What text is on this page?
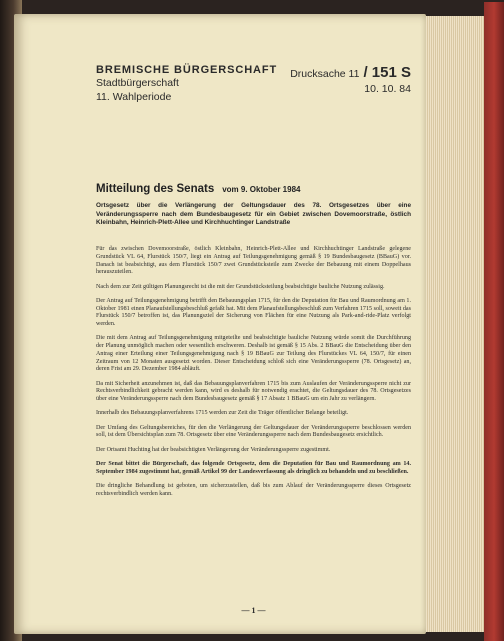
BREMISCHE BÜRGERSCHAFT
Stadtbürgerschaft
11. Wahlperiode
Drucksache 11 / 151 S
10. 10. 84
Mitteilung des Senats vom 9. Oktober 1984
Ortsgesetz über die Verlängerung der Geltungsdauer des 78. Ortsgesetzes über eine Veränderungssperre nach dem Bundesbaugesetz für ein Gebiet zwischen Dovemoorstraße, östlich Kleinbahn, Heinrich-Plett-Allee und Kirchhuchtinger Landstraße

Für das zwischen Dovemoorstraße, östlich Kleinbahn, Heinrich-Plett-Allee und Kirchhuchtinger Landstraße gelegene Grundstück VL 64, Flurstück 150/7, liegt ein Antrag auf Teilungsgenehmigung gemäß § 19 Bundesbaugesetz (BBauG) vor. Danach ist beabsichtigt, aus dem Flurstück 150/7 zwei Grundstücksteile zum Zwecke der Bebauung mit einem Doppelhaus herauszuteilen.

Nach dem zur Zeit gültigen Planungsrecht ist die mit der Grundstücksteilung beabsichtigte bauliche Nutzung zulässig.

Der Antrag auf Teilungsgenehmigung betrifft den Bebauungsplan 1715, für den die Deputation für Bau und Raumordnung am 1. Oktober 1981 einen Planaufstellungsbeschluß gefaßt hat. Mit dem Planaufstellungsbeschluß zum Verfahren 1715 soll, soweit das Flurstück 150/7 betroffen ist, das Planungsziel der Sicherung von Flächen für eine Nutzung als Park-and-ride-Platz verfolgt werden.

Die mit dem Antrag auf Teilungsgenehmigung mitgeteilte und beabsichtigte bauliche Nutzung würde somit die Durchführung der Planung unmöglich machen oder wesentlich erschweren. Deshalb ist gemäß § 15 Abs. 2 BBauG die Entscheidung über den Antrag einer Erteilung einer Teilungsgenehmigung nach § 19 BBauG zur Teilung des Flurstückes VL 64, 150/7, für einen Zeitraum von 12 Monaten ausgesetzt worden. Dieser Entscheidung schloß sich eine Veränderungssperre (78. Ortsgesetz) an, deren Frist am 29. Dezember 1984 abläuft.

Da mit Sicherheit anzunehmen ist, daß das Bebauungsplanverfahren 1715 bis zum Auslaufen der Veränderungssperre nicht zur Rechtsverbindlichkeit gebracht werden kann, wird es deshalb für notwendig erachtet, die Geltungsdauer des 78. Ortsgesetzes über eine Veränderungssperre nach dem Bundesbaugesetz gemäß § 17 Absatz 1 BBauG um ein Jahr zu verlängern.

Innerhalb des Bebauungsplanverfahrens 1715 werden zur Zeit die Träger öffentlicher Belange beteiligt.

Der Umfang des Geltungsbereiches, für den die Verlängerung der Geltungsdauer der Veränderungssperre beschlossen werden soll, ist dem Übersichtsplan zum 78. Ortsgesetz über eine Veränderungssperre nach dem Bundesbaugesetz ersichtlich.

Der Ortsamt Huchting hat der beabsichtigten Verlängerung der Veränderungssperre zugestimmt.

Der Senat bittet die Bürgerschaft, das folgende Ortsgesetz, dem die Deputation für Bau und Raumordnung am 14. September 1984 zugestimmt hat, gemäß Artikel 99 der Landesverfassung als dringlich zu behandeln und zu beschließen.

Die dringliche Behandlung ist geboten, um sicherzustellen, daß bis zum Ablauf der Veränderungssperre dieses Ortsgesetz rechtsverbindlich werden kann.

— 1 —
